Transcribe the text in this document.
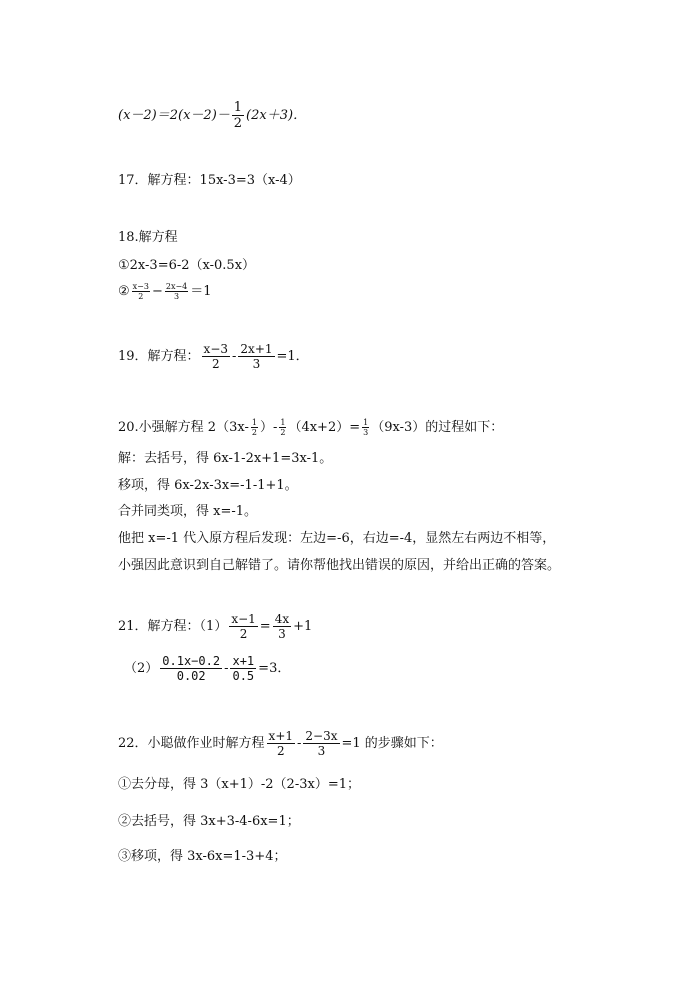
$(x-2)=2(x-2)- \frac{1}{2} (2x+3)$．
17．解方程：15x-3=3（x-4）
18.解方程
①2x-3=6-2（x-0.5x）
② $\frac{x-3}{2} - \frac{2x-4}{3} =1$
19．解方程： $\frac{x-3}{2} - \frac{2x+1}{3} =1$．
20.小强解方程 $2(3x- \frac{1}{2}$ ）- $\frac{1}{2} (4x+2)= \frac{1}{3} (9x-3)$的过程如下：
解：去括号，得 6x-1-2x+1=3x-1。
移项，得 6x-2x-3x=-1-1+1。
合并同类项，得 x=-1。
他把 x=-1 代入原方程后发现：左边=-6，右边=-4，显然左右两边不相等，
小强因此意识到自己解错了。请你帮他找出错误的原因，并给出正确的答案。
21．解方程：$(1) \frac{x-1}{2} = \frac{4x}{3} +1$
$(2) \frac{0.1x-0.2}{0.02} - \frac{x+1}{0.5} =3$．
22．小聪做作业时解方程 $\frac{x+1}{2} - \frac{2-3x}{3} =1$ 的步骤如下：
①去分母，得 3（x+1）-2（2-3x）=1；
②去括号，得 3x+3-4-6x=1；
③移项，得 3x-6x=1-3+4；
